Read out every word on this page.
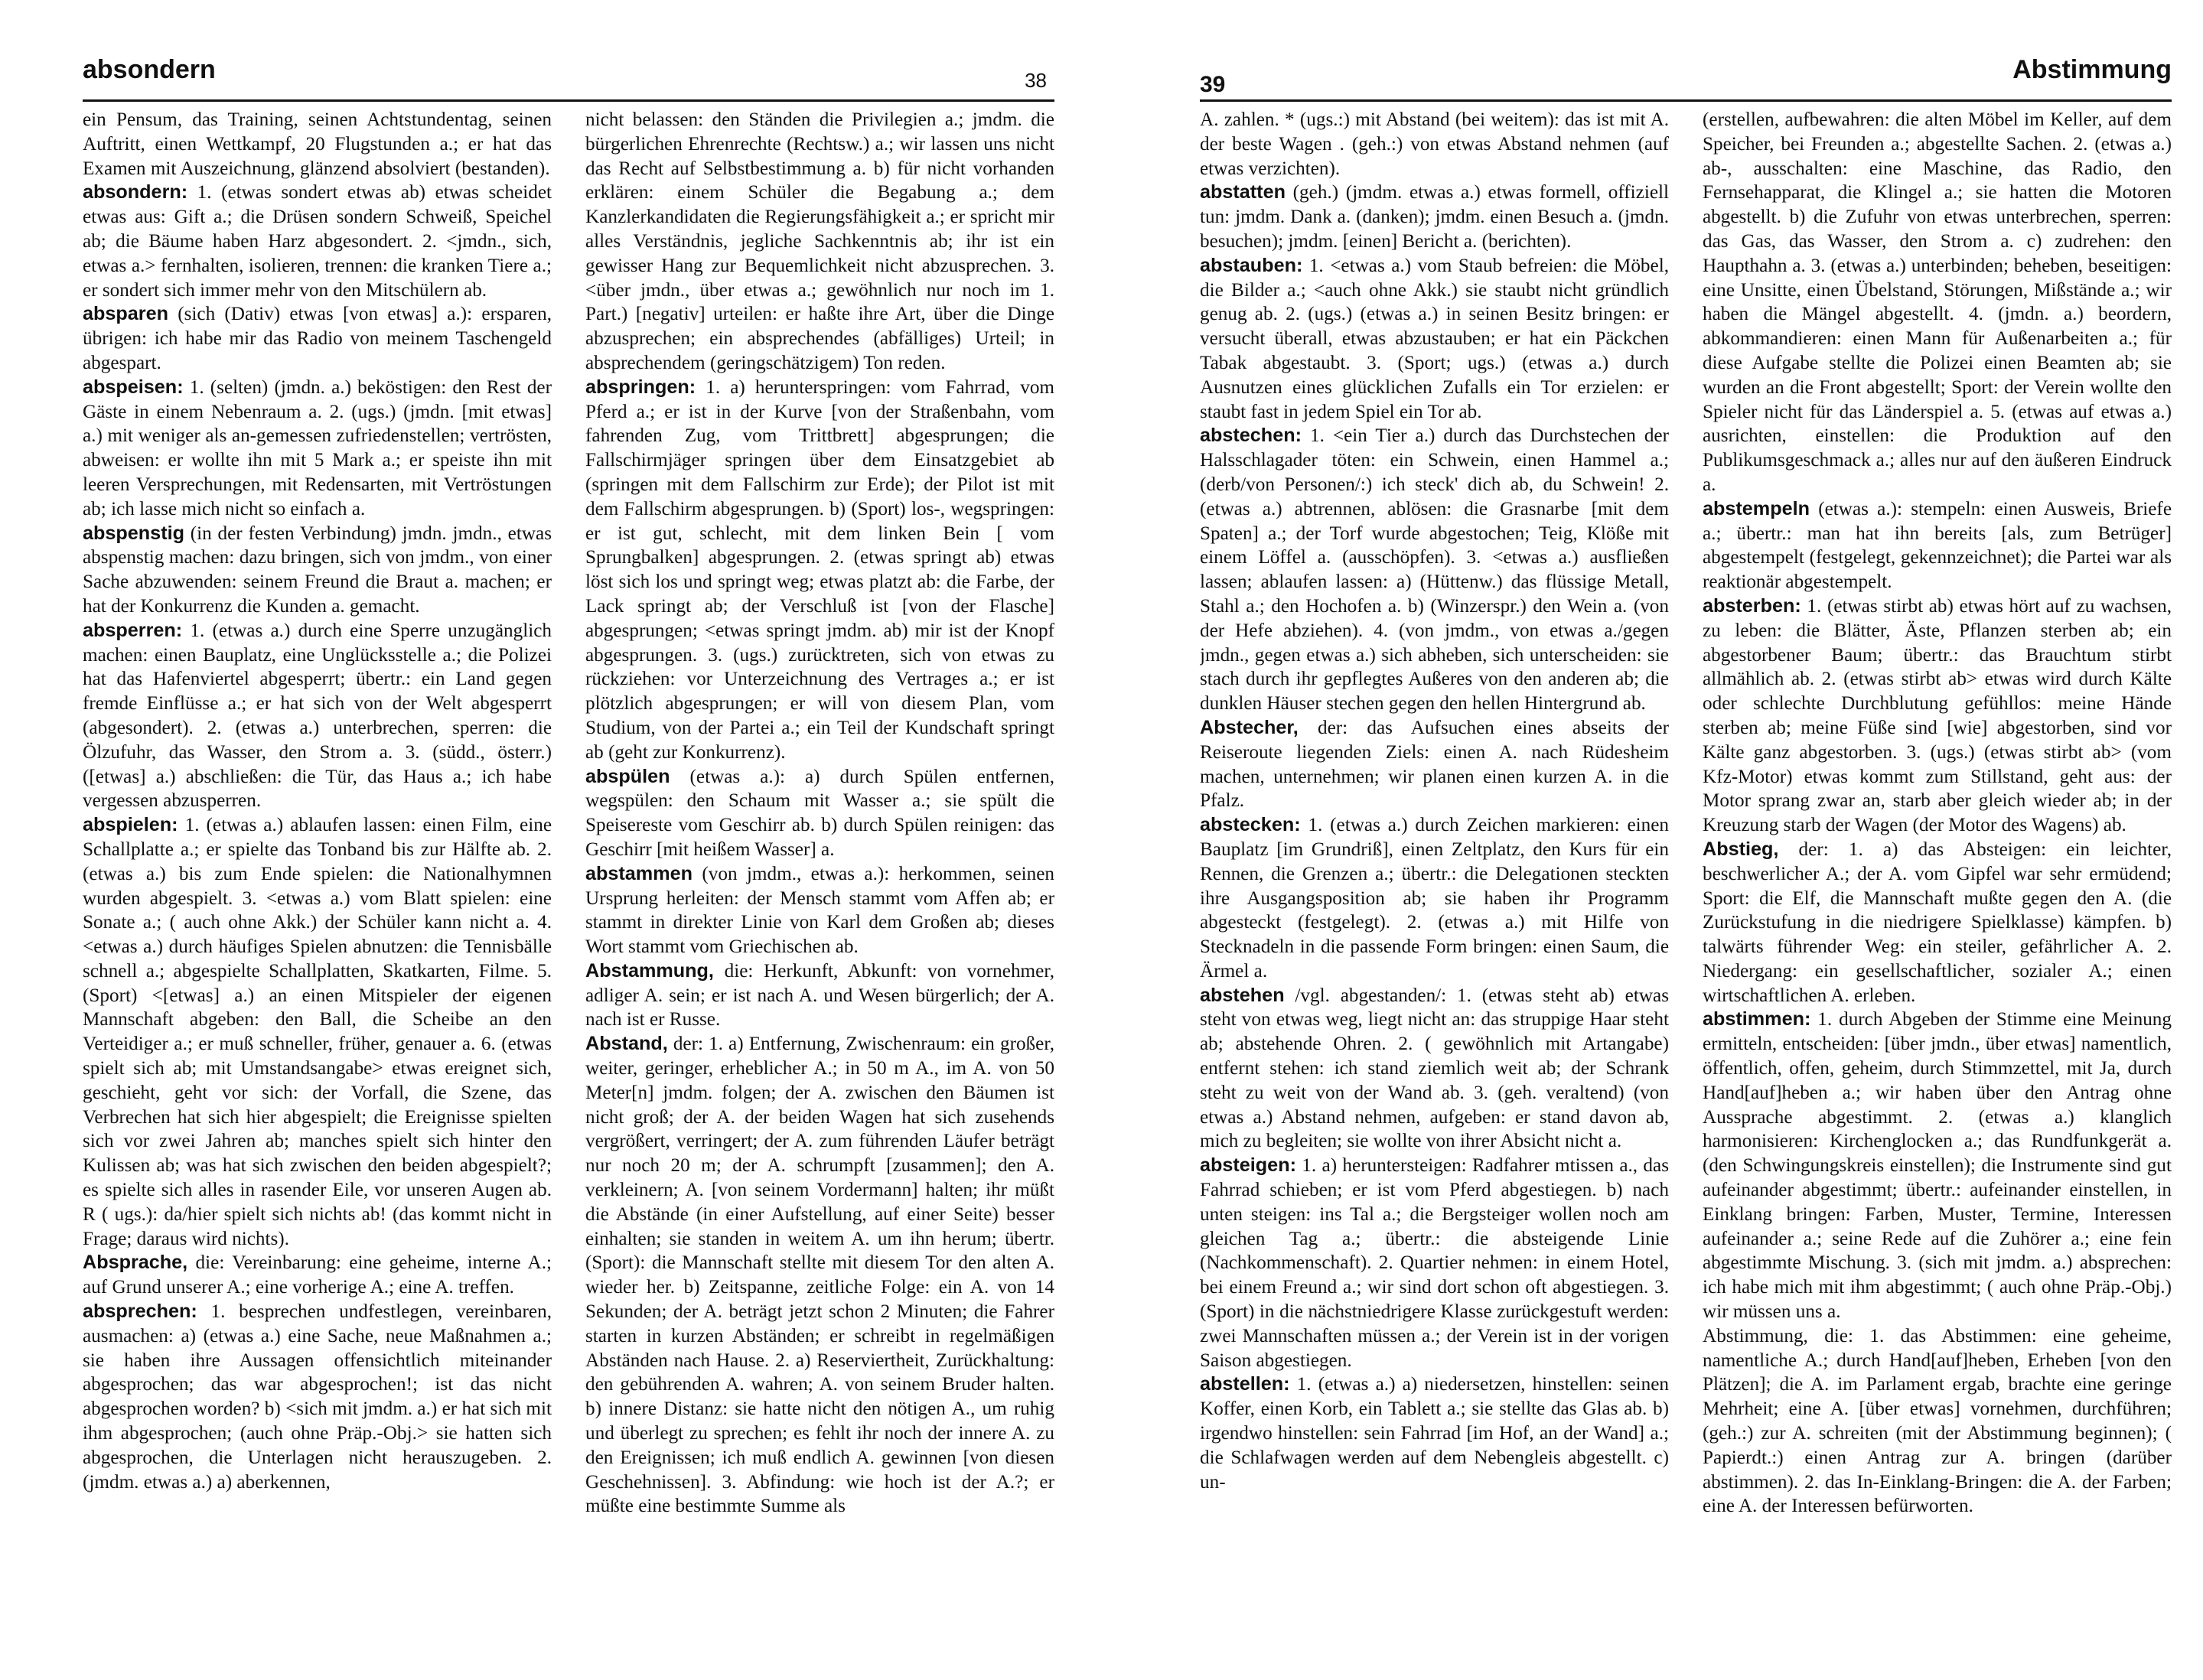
absondern	38

ein Pensum, das Training, seinen Achtstundentag, seinen Auftritt, einen Wettkampf, 20 Flugstunden a.; er hat das Examen mit Auszeichnung, glänzend absolviert (bestanden).

absondern: 1. (etwas sondert etwas ab) etwas scheidet etwas aus: Gift a.; die Drüsen sondern Schweiß, Speichel ab; die Bäume haben Harz abgesondert. 2. <jmdn., sich, etwas a.> fernhalten, isolieren, trennen: die kranken Tiere a.; er sondert sich immer mehr von den Mitschülern ab.

absparen (sich (Dativ) etwas [von etwas] a.): ersparen, übrigen: ich habe mir das Radio von meinem Taschengeld abgespart.

abspeisen: 1. (selten) (jmdn. a.) beköstigen: den Rest der Gäste in einem Nebenraum a. 2. (ugs.) (jmdn. [mit etwas] a.) mit weniger als an-gemessen zufriedenstellen; vertrösten, abweisen: er wollte ihn mit 5 Mark a.; er speiste ihn mit leeren Versprechungen, mit Redensarten, mit Vertröstungen ab; ich lasse mich nicht so einfach a.

abspenstig (in der festen Verbindung) jmdn. jmdn., etwas abspenstig machen: dazu bringen, sich von jmdm., von einer Sache abzuwenden: seinem Freund die Braut a. machen; er hat der Konkurrenz die Kunden a. gemacht.

absperren: 1. (etwas a.) durch eine Sperre unzugänglich machen: einen Bauplatz, eine Unglücksstelle a.; die Polizei hat das Hafenviertel abgesperrt; übertr.: ein Land gegen fremde Einflüsse a.; er hat sich von der Welt abgesperrt (abgesondert). 2. (etwas a.) unterbrechen, sperren: die Ölzufuhr, das Wasser, den Strom a. 3. (südd., österr.) ([etwas] a.) abschließen: die Tür, das Haus a.; ich habe vergessen abzusperren.

abspielen: 1. (etwas a.) ablaufen lassen: einen Film, eine Schallplatte a.; er spielte das Tonband bis zur Hälfte ab. 2. (etwas a.) bis zum Ende spielen: die Nationalhymnen wurden abgespielt. 3. <etwas a.) vom Blatt spielen: eine Sonate a.; ( auch ohne Akk.) der Schüler kann nicht a. 4. <etwas a.) durch häufiges Spielen abnutzen: die Tennisbälle schnell a.; abgespielte Schallplatten, Skatkarten, Filme. 5. (Sport) <[etwas] a.) an einen Mitspieler der eigenen Mannschaft abgeben: den Ball, die Scheibe an den Verteidiger a.; er muß schneller, früher, genauer a. 6. (etwas spielt sich ab; mit Umstandsangabe> etwas ereignet sich, geschieht, geht vor sich: der Vorfall, die Szene, das Verbrechen hat sich hier abgespielt; die Ereignisse spielten sich vor zwei Jahren ab; manches spielt sich hinter den Kulissen ab; was hat sich zwischen den beiden abgespielt?; es spielte sich alles in rasender Eile, vor unseren Augen ab. R ( ugs.): da/hier spielt sich nichts ab! (das kommt nicht in Frage; daraus wird nichts).

Absprache, die: Vereinbarung: eine geheime, interne A.; auf Grund unserer A.; eine vorherige A.; eine A. treffen.

absprechen: 1. besprechen undfestlegen, vereinbaren, ausmachen: a) (etwas a.) eine Sache, neue Maßnahmen a.; sie haben ihre Aussagen offensichtlich miteinander abgesprochen; das war abgesprochen!; ist das nicht abgesprochen worden? b) <sich mit jmdm. a.) er hat sich mit ihm abgesprochen; (auch ohne Präp.-Obj.> sie hatten sich abgesprochen, die Unterlagen nicht herauszugeben. 2. (jmdm. etwas a.) a) aberkennen,

nicht belassen: den Ständen die Privilegien a.; jmdm. die bürgerlichen Ehrenrechte (Rechtsw.) a.; wir lassen uns nicht das Recht auf Selbstbestimmung a. b) für nicht vorhanden erklären: einem Schüler die Begabung a.; dem Kanzlerkandidaten die Regierungsfähigkeit a.; er spricht mir alles Verständnis, jegliche Sachkenntnis ab; ihr ist ein gewisser Hang zur Bequemlichkeit nicht abzusprechen. 3. <über jmdn., über etwas a.; gewöhnlich nur noch im 1. Part.) [negativ] urteilen: er haßte ihre Art, über die Dinge abzusprechen; ein absprechendes (abfälliges) Urteil; in absprechendem (geringschätzigem) Ton reden.

abspringen: 1. a) herunterspringen: vom Fahrrad, vom Pferd a.; er ist in der Kurve [von der Straßenbahn, vom fahrenden Zug, vom Trittbrett] abgesprungen; die Fallschirmjäger springen über dem Einsatzgebiet ab (springen mit dem Fallschirm zur Erde); der Pilot ist mit dem Fallschirm abgesprungen. b) (Sport) los-, wegspringen: er ist gut, schlecht, mit dem linken Bein [ vom Sprungbalken] abgesprungen. 2. (etwas springt ab) etwas löst sich los und springt weg; etwas platzt ab: die Farbe, der Lack springt ab; der Verschluß ist [von der Flasche] abgesprungen; <etwas springt jmdm. ab) mir ist der Knopf abgesprungen. 3. (ugs.) zurücktreten, sich von etwas zu rückziehen: vor Unterzeichnung des Vertrages a.; er ist plötzlich abgesprungen; er will von diesem Plan, vom Studium, von der Partei a.; ein Teil der Kundschaft springt ab (geht zur Konkurrenz).

abspülen (etwas a.): a) durch Spülen entfernen, wegspülen: den Schaum mit Wasser a.; sie spült die Speisereste vom Geschirr ab. b) durch Spülen reinigen: das Geschirr [mit heißem Wasser] a.

abstammen (von jmdm., etwas a.): herkommen, seinen Ursprung herleiten: der Mensch stammt vom Affen ab; er stammt in direkter Linie von Karl dem Großen ab; dieses Wort stammt vom Griechischen ab.

Abstammung, die: Herkunft, Abkunft: von vornehmer, adliger A. sein; er ist nach A. und Wesen bürgerlich; der A. nach ist er Russe.

Abstand, der: 1. a) Entfernung, Zwischenraum: ein großer, weiter, geringer, erheblicher A.; in 50 m A., im A. von 50 Meter[n] jmdm. folgen; der A. zwischen den Bäumen ist nicht groß; der A. der beiden Wagen hat sich zusehends vergrößert, verringert; der A. zum führenden Läufer beträgt nur noch 20 m; der A. schrumpft [zusammen]; den A. verkleinern; A. [von seinem Vordermann] halten; ihr müßt die Abstände (in einer Aufstellung, auf einer Seite) besser einhalten; sie standen in weitem A. um ihn herum; übertr. (Sport): die Mannschaft stellte mit diesem Tor den alten A. wieder her. b) Zeitspanne, zeitliche Folge: ein A. von 14 Sekunden; der A. beträgt jetzt schon 2 Minuten; die Fahrer starten in kurzen Abständen; er schreibt in regelmäßigen Abständen nach Hause. 2. a) Reserviertheit, Zurückhaltung: den gebührenden A. wahren; A. von seinem Bruder halten. b) innere Distanz: sie hatte nicht den nötigen A., um ruhig und überlegt zu sprechen; es fehlt ihr noch der innere A. zu den Ereignissen; ich muß endlich A. gewinnen [von diesen Geschehnissen]. 3. Abfindung: wie hoch ist der A.?; er müßte eine bestimmte Summe als

39
Abstimmung

A. zahlen. * (ugs.:) mit Abstand (bei weitem): das ist mit A. der beste Wagen . (geh.:) von etwas Abstand nehmen (auf etwas verzichten).

abstatten (geh.) (jmdm. etwas a.) etwas formell, offiziell tun: jmdm. Dank a. (danken); jmdm. einen Besuch a. (jmdn. besuchen); jmdm. [einen] Bericht a. (berichten).

abstauben: 1. <etwas a.) vom Staub befreien: die Möbel, die Bilder a.; <auch ohne Akk.) sie staubt nicht gründlich genug ab. 2. (ugs.) (etwas a.) in seinen Besitz bringen: er versucht überall, etwas abzustauben; er hat ein Päckchen Tabak abgestaubt. 3. (Sport; ugs.) (etwas a.) durch Ausnutzen eines glücklichen Zufalls ein Tor erzielen: er staubt fast in jedem Spiel ein Tor ab.

abstechen: 1. <ein Tier a.) durch das Durchstechen der Halsschlagader töten: ein Schwein, einen Hammel a.; (derb/von Personen/:) ich steck' dich ab, du Schwein! 2. (etwas a.) abtrennen, ablösen: die Grasnarbe [mit dem Spaten] a.; der Torf wurde abgestochen; Teig, Klöße mit einem Löffel a. (ausschöpfen). 3. <etwas a.) ausfließen lassen; ablaufen lassen: a) (Hüttenw.) das flüssige Metall, Stahl a.; den Hochofen a. b) (Winzerspr.) den Wein a. (von der Hefe abziehen). 4. (von jmdm., von etwas a./gegen jmdn., gegen etwas a.) sich abheben, sich unterscheiden: sie stach durch ihr gepflegtes Außeres von den anderen ab; die dunklen Häuser stechen gegen den hellen Hintergrund ab.

Abstecher, der: das Aufsuchen eines abseits der Reiseroute liegenden Ziels: einen A. nach Rüdesheim machen, unternehmen; wir planen einen kurzen A. in die Pfalz.

abstecken: 1. (etwas a.) durch Zeichen markieren: einen Bauplatz [im Grundriß], einen Zeltplatz, den Kurs für ein Rennen, die Grenzen a.; übertr.: die Delegationen steckten ihre Ausgangsposition ab; sie haben ihr Programm abgesteckt (festgelegt). 2. (etwas a.) mit Hilfe von Stecknadeln in die passende Form bringen: einen Saum, die Ärmel a.

abstehen /vgl. abgestanden/: 1. (etwas steht ab) etwas steht von etwas weg, liegt nicht an: das struppige Haar steht ab; abstehende Ohren. 2. ( gewöhnlich mit Artangabe) entfernt stehen: ich stand ziemlich weit ab; der Schrank steht zu weit von der Wand ab. 3. (geh. veraltend) (von etwas a.) Abstand nehmen, aufgeben: er stand davon ab, mich zu begleiten; sie wollte von ihrer Absicht nicht a.

absteigen: 1. a) heruntersteigen: Radfahrer mtissen a., das Fahrrad schieben; er ist vom Pferd abgestiegen. b) nach unten steigen: ins Tal a.; die Bergsteiger wollen noch am gleichen Tag a.; übertr.: die absteigende Linie (Nachkommenschaft). 2. Quartier nehmen: in einem Hotel, bei einem Freund a.; wir sind dort schon oft abgestiegen. 3. (Sport) in die nächstniedrigere Klasse zurückgestuft werden: zwei Mannschaften müssen a.; der Verein ist in der vorigen Saison abgestiegen.

abstellen: 1. (etwas a.) a) niedersetzen, hinstellen: seinen Koffer, einen Korb, ein Tablett a.; sie stellte das Glas ab. b) irgendwo hinstellen: sein Fahrrad [im Hof, an der Wand] a.; die Schlafwagen werden auf dem Nebengleis abgestellt. c) un-

(erstellen, aufbewahren: die alten Möbel im Keller, auf dem Speicher, bei Freunden a.; abgestellte Sachen. 2. (etwas a.) ab-, ausschalten: eine Maschine, das Radio, den Fernsehapparat, die Klingel a.; sie hatten die Motoren abgestellt. b) die Zufuhr von etwas unterbrechen, sperren: das Gas, das Wasser, den Strom a. c) zudrehen: den Haupthahn a. 3. (etwas a.) unterbinden; beheben, beseitigen: eine Unsitte, einen Übelstand, Störungen, Mißstände a.; wir haben die Mängel abgestellt. 4. (jmdn. a.) beordern, abkommandieren: einen Mann für Außenarbeiten a.; für diese Aufgabe stellte die Polizei einen Beamten ab; sie wurden an die Front abgestellt; Sport: der Verein wollte den Spieler nicht für das Länderspiel a. 5. (etwas auf etwas a.) ausrichten, einstellen: die Produktion auf den Publikumsgeschmack a.; alles nur auf den äußeren Eindruck a.

abstempeln (etwas a.): stempeln: einen Ausweis, Briefe a.; übertr.: man hat ihn bereits [als, zum Betrüger] abgestempelt (festgelegt, gekennzeichnet); die Partei war als reaktionär abgestempelt.

absterben: 1. (etwas stirbt ab) etwas hört auf zu wachsen, zu leben: die Blätter, Äste, Pflanzen sterben ab; ein abgestorbener Baum; übertr.: das Brauchtum stirbt allmählich ab. 2. (etwas stirbt ab> etwas wird durch Kälte oder schlechte Durchblutung gefühllos: meine Hände sterben ab; meine Füße sind [wie] abgestorben, sind vor Kälte ganz abgestorben. 3. (ugs.) (etwas stirbt ab> (vom Kfz-Motor) etwas kommt zum Stillstand, geht aus: der Motor sprang zwar an, starb aber gleich wieder ab; in der Kreuzung starb der Wagen (der Motor des Wagens) ab.

Abstieg, der: 1. a) das Absteigen: ein leichter, beschwerlicher A.; der A. vom Gipfel war sehr ermüdend; Sport: die Elf, die Mannschaft mußte gegen den A. (die Zurückstufung in die niedrigere Spielklasse) kämpfen. b) talwärts führender Weg: ein steiler, gefährlicher A. 2. Niedergang: ein gesellschaftlicher, sozialer A.; einen wirtschaftlichen A. erleben.

abstimmen: 1. durch Abgeben der Stimme eine Meinung ermitteln, entscheiden: [über jmdn., über etwas] namentlich, öffentlich, offen, geheim, durch Stimmzettel, mit Ja, durch Hand[auf]heben a.; wir haben über den Antrag ohne Aussprache abgestimmt. 2. (etwas a.) klanglich harmonisieren: Kirchenglocken a.; das Rundfunkgerät a. (den Schwingungskreis einstellen); die Instrumente sind gut aufeinander abgestimmt; übertr.: aufeinander einstellen, in Einklang bringen: Farben, Muster, Termine, Interessen aufeinander a.; seine Rede auf die Zuhörer a.; eine fein abgestimmte Mischung. 3. (sich mit jmdm. a.) absprechen: ich habe mich mit ihm abgestimmt; ( auch ohne Präp.-Obj.) wir müssen uns a.

Abstimmung, die: 1. das Abstimmen: eine geheime, namentliche A.; durch Hand[auf]heben, Erheben [von den Plätzen]; die A. im Parlament ergab, brachte eine geringe Mehrheit; eine A. [über etwas] vornehmen, durchführen; (geh.:) zur A. schreiten (mit der Abstimmung beginnen); ( Papierdt.:) einen Antrag zur A. bringen (darüber abstimmen). 2. das In-Einklang-Bringen: die A. der Farben; eine A. der Interessen befürworten.
